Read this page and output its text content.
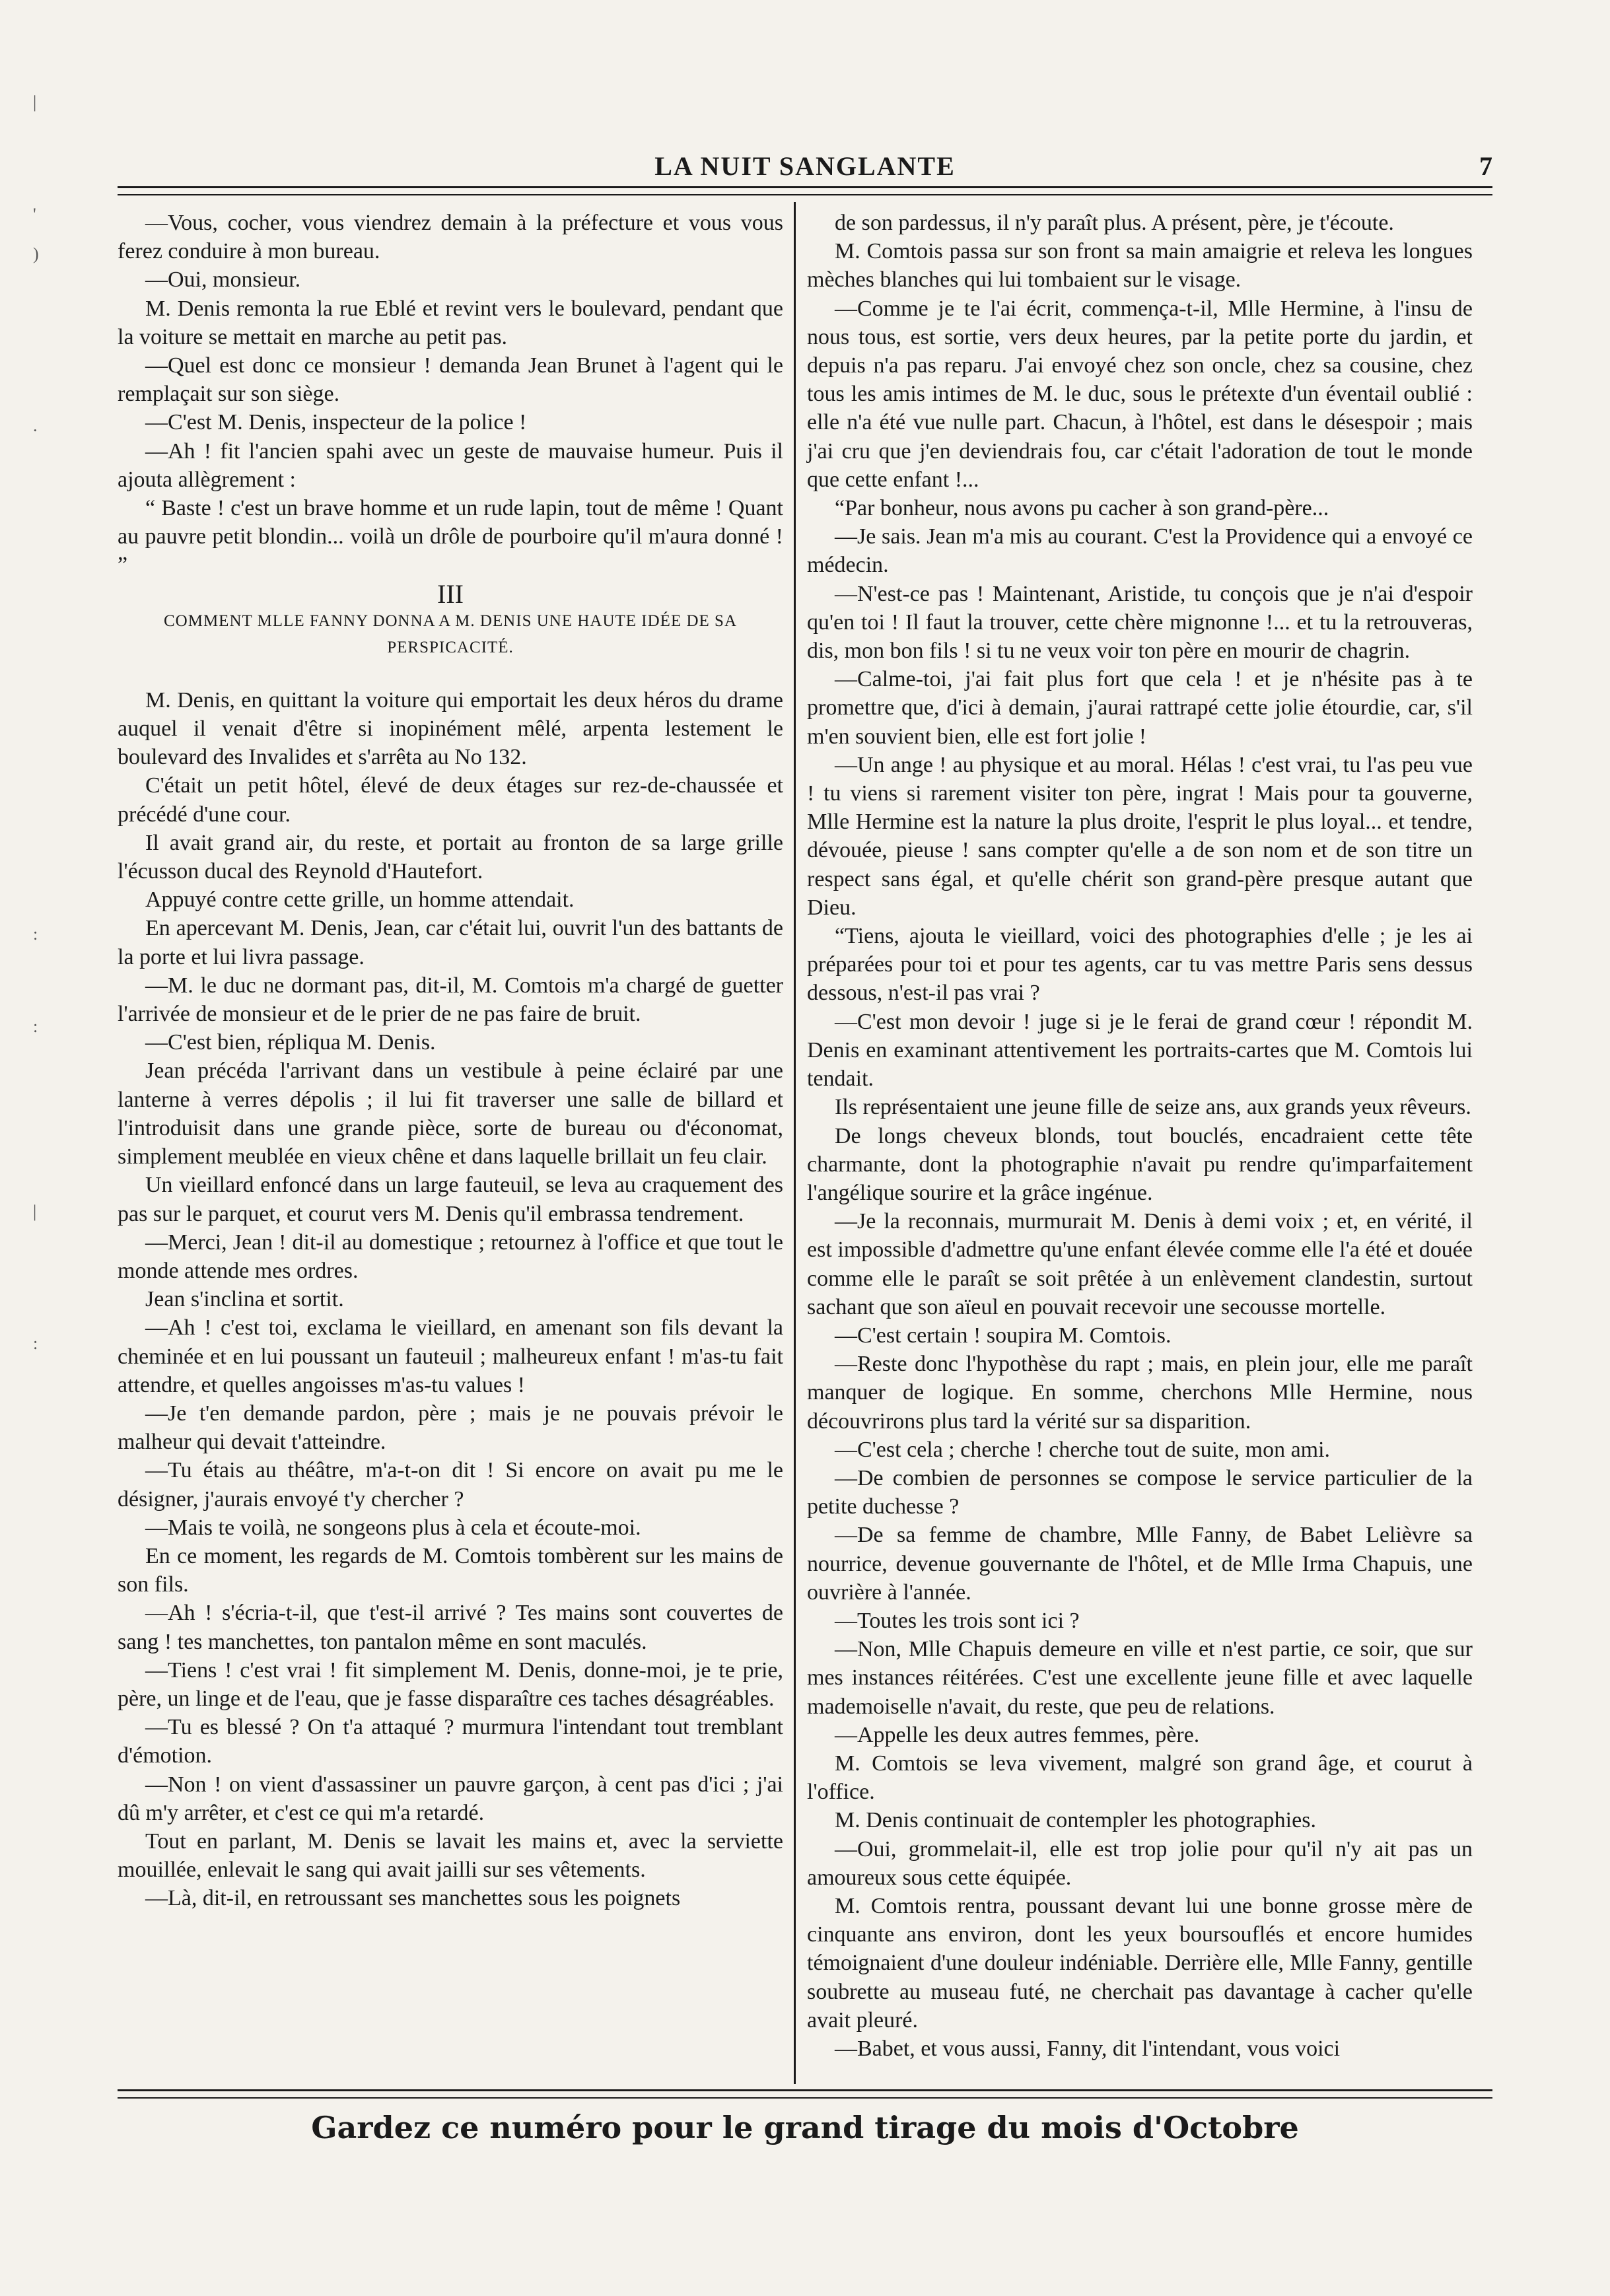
|
'
)
.
:
:
|
:
LA NUIT SANGLANTE	7

—Vous, cocher, vous viendrez demain à la préfecture et vous vous ferez conduire à mon bureau.

—Oui, monsieur.

M. Denis remonta la rue Eblé et revint vers le boulevard, pendant que la voiture se mettait en marche au petit pas.

—Quel est donc ce monsieur ! demanda Jean Brunet à l'agent qui le remplaçait sur son siège.

—C'est M. Denis, inspecteur de la police !

—Ah ! fit l'ancien spahi avec un geste de mauvaise humeur. Puis il ajouta allègrement :

“ Baste ! c'est un brave homme et un rude lapin, tout de même ! Quant au pauvre petit blondin... voilà un drôle de pourboire qu'il m'aura donné ! ”

III

COMMENT MLLE FANNY DONNA A M. DENIS UNE HAUTE IDÉE DE SA PERSPICACITÉ.

M. Denis, en quittant la voiture qui emportait les deux héros du drame auquel il venait d'être si inopinément mêlé, arpenta lestement le boulevard des Invalides et s'arrêta au No 132.

C'était un petit hôtel, élevé de deux étages sur rez-de-chaussée et précédé d'une cour.

Il avait grand air, du reste, et portait au fronton de sa large grille l'écusson ducal des Reynold d'Hautefort.

Appuyé contre cette grille, un homme attendait.

En apercevant M. Denis, Jean, car c'était lui, ouvrit l'un des battants de la porte et lui livra passage.

—M. le duc ne dormant pas, dit-il, M. Comtois m'a chargé de guetter l'arrivée de monsieur et de le prier de ne pas faire de bruit.

—C'est bien, répliqua M. Denis.

Jean précéda l'arrivant dans un vestibule à peine éclairé par une lanterne à verres dépolis ; il lui fit traverser une salle de billard et l'introduisit dans une grande pièce, sorte de bureau ou d'économat, simplement meublée en vieux chêne et dans laquelle brillait un feu clair.

Un vieillard enfoncé dans un large fauteuil, se leva au craquement des pas sur le parquet, et courut vers M. Denis qu'il embrassa tendrement.

—Merci, Jean ! dit-il au domestique ; retournez à l'office et que tout le monde attende mes ordres.

Jean s'inclina et sortit.

—Ah ! c'est toi, exclama le vieillard, en amenant son fils devant la cheminée et en lui poussant un fauteuil ; malheureux enfant ! m'as-tu fait attendre, et quelles angoisses m'as-tu values !

—Je t'en demande pardon, père ; mais je ne pouvais prévoir le malheur qui devait t'atteindre.

—Tu étais au théâtre, m'a-t-on dit ! Si encore on avait pu me le désigner, j'aurais envoyé t'y chercher ?

—Mais te voilà, ne songeons plus à cela et écoute-moi.

En ce moment, les regards de M. Comtois tombèrent sur les mains de son fils.

—Ah ! s'écria-t-il, que t'est-il arrivé ? Tes mains sont couvertes de sang ! tes manchettes, ton pantalon même en sont maculés.

—Tiens ! c'est vrai ! fit simplement M. Denis, donne-moi, je te prie, père, un linge et de l'eau, que je fasse disparaître ces taches désagréables.

—Tu es blessé ? On t'a attaqué ? murmura l'intendant tout tremblant d'émotion.

—Non ! on vient d'assassiner un pauvre garçon, à cent pas d'ici ; j'ai dû m'y arrêter, et c'est ce qui m'a retardé.

Tout en parlant, M. Denis se lavait les mains et, avec la serviette mouillée, enlevait le sang qui avait jailli sur ses vêtements.

—Là, dit-il, en retroussant ses manchettes sous les poignets

de son pardessus, il n'y paraît plus. A présent, père, je t'écoute.

M. Comtois passa sur son front sa main amaigrie et releva les longues mèches blanches qui lui tombaient sur le visage.

—Comme je te l'ai écrit, commença-t-il, Mlle Hermine, à l'insu de nous tous, est sortie, vers deux heures, par la petite porte du jardin, et depuis n'a pas reparu. J'ai envoyé chez son oncle, chez sa cousine, chez tous les amis intimes de M. le duc, sous le prétexte d'un éventail oublié : elle n'a été vue nulle part. Chacun, à l'hôtel, est dans le désespoir ; mais j'ai cru que j'en deviendrais fou, car c'était l'adoration de tout le monde que cette enfant !...

“Par bonheur, nous avons pu cacher à son grand-père...

—Je sais. Jean m'a mis au courant. C'est la Providence qui a envoyé ce médecin.

—N'est-ce pas ! Maintenant, Aristide, tu conçois que je n'ai d'espoir qu'en toi ! Il faut la trouver, cette chère mignonne !... et tu la retrouveras, dis, mon bon fils ! si tu ne veux voir ton père en mourir de chagrin.

—Calme-toi, j'ai fait plus fort que cela ! et je n'hésite pas à te promettre que, d'ici à demain, j'aurai rattrapé cette jolie étourdie, car, s'il m'en souvient bien, elle est fort jolie !

—Un ange ! au physique et au moral. Hélas ! c'est vrai, tu l'as peu vue ! tu viens si rarement visiter ton père, ingrat ! Mais pour ta gouverne, Mlle Hermine est la nature la plus droite, l'esprit le plus loyal... et tendre, dévouée, pieuse ! sans compter qu'elle a de son nom et de son titre un respect sans égal, et qu'elle chérit son grand-père presque autant que Dieu.

“Tiens, ajouta le vieillard, voici des photographies d'elle ; je les ai préparées pour toi et pour tes agents, car tu vas mettre Paris sens dessus dessous, n'est-il pas vrai ?

—C'est mon devoir ! juge si je le ferai de grand cœur ! répondit M. Denis en examinant attentivement les portraits-cartes que M. Comtois lui tendait.

Ils représentaient une jeune fille de seize ans, aux grands yeux rêveurs.

De longs cheveux blonds, tout bouclés, encadraient cette tête charmante, dont la photographie n'avait pu rendre qu'imparfaitement l'angélique sourire et la grâce ingénue.

—Je la reconnais, murmurait M. Denis à demi voix ; et, en vérité, il est impossible d'admettre qu'une enfant élevée comme elle l'a été et douée comme elle le paraît se soit prêtée à un enlèvement clandestin, surtout sachant que son aïeul en pouvait recevoir une secousse mortelle.

—C'est certain ! soupira M. Comtois.

—Reste donc l'hypothèse du rapt ; mais, en plein jour, elle me paraît manquer de logique. En somme, cherchons Mlle Hermine, nous découvrirons plus tard la vérité sur sa disparition.

—C'est cela ; cherche ! cherche tout de suite, mon ami.

—De combien de personnes se compose le service particulier de la petite duchesse ?

—De sa femme de chambre, Mlle Fanny, de Babet Lelièvre sa nourrice, devenue gouvernante de l'hôtel, et de Mlle Irma Chapuis, une ouvrière à l'année.

—Toutes les trois sont ici ?

—Non, Mlle Chapuis demeure en ville et n'est partie, ce soir, que sur mes instances réitérées. C'est une excellente jeune fille et avec laquelle mademoiselle n'avait, du reste, que peu de relations.

—Appelle les deux autres femmes, père.

M. Comtois se leva vivement, malgré son grand âge, et courut à l'office.

M. Denis continuait de contempler les photographies.

—Oui, grommelait-il, elle est trop jolie pour qu'il n'y ait pas un amoureux sous cette équipée.

M. Comtois rentra, poussant devant lui une bonne grosse mère de cinquante ans environ, dont les yeux boursouflés et encore humides témoignaient d'une douleur indéniable. Derrière elle, Mlle Fanny, gentille soubrette au museau futé, ne cherchait pas davantage à cacher qu'elle avait pleuré.

—Babet, et vous aussi, Fanny, dit l'intendant, vous voici

Gardez ce numéro pour le grand tirage du mois d'Octobre
